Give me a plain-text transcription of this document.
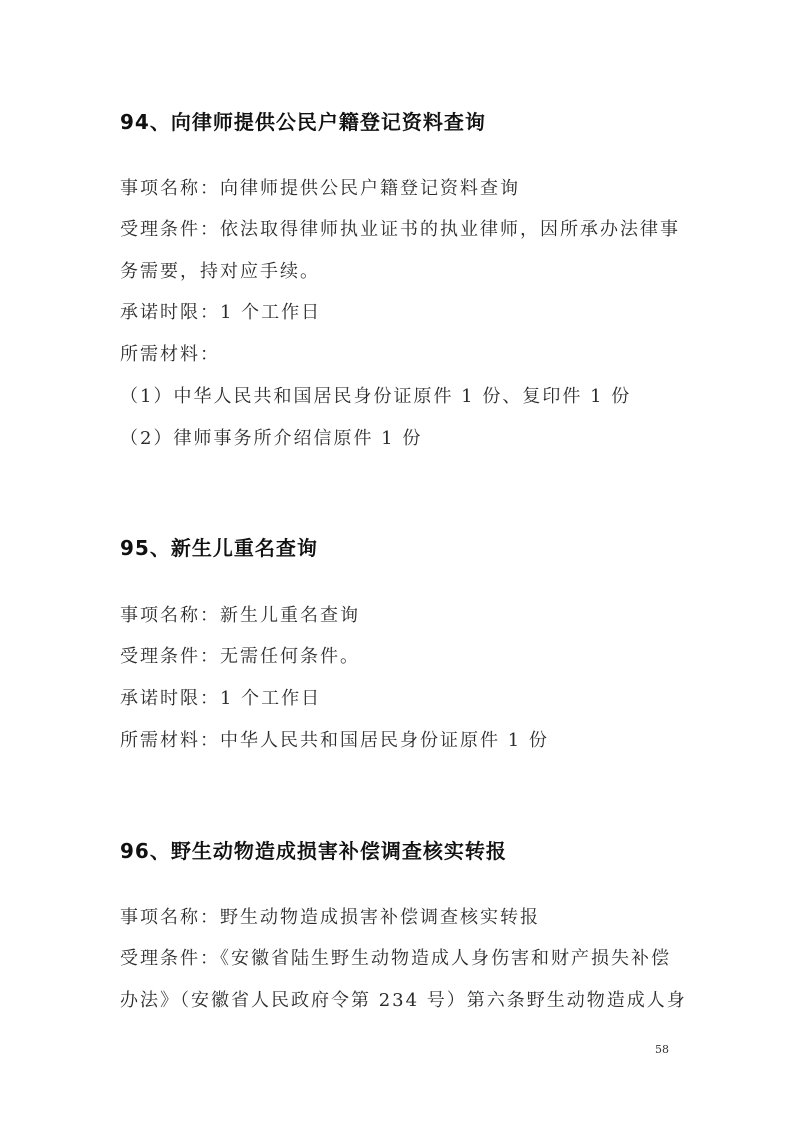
94、向律师提供公民户籍登记资料查询
事项名称：向律师提供公民户籍登记资料查询
受理条件：依法取得律师执业证书的执业律师，因所承办法律事
务需要，持对应手续。
承诺时限：1 个工作日
所需材料：
（1）中华人民共和国居民身份证原件 1 份、复印件 1 份
（2）律师事务所介绍信原件 1 份
95、新生儿重名查询
事项名称：新生儿重名查询
受理条件：无需任何条件。
承诺时限：1 个工作日
所需材料：中华人民共和国居民身份证原件 1 份
96、野生动物造成损害补偿调查核实转报
事项名称：野生动物造成损害补偿调查核实转报
受理条件：《安徽省陆生野生动物造成人身伤害和财产损失补偿
办法》（安徽省人民政府令第 234 号）第六条野生动物造成人身
58
